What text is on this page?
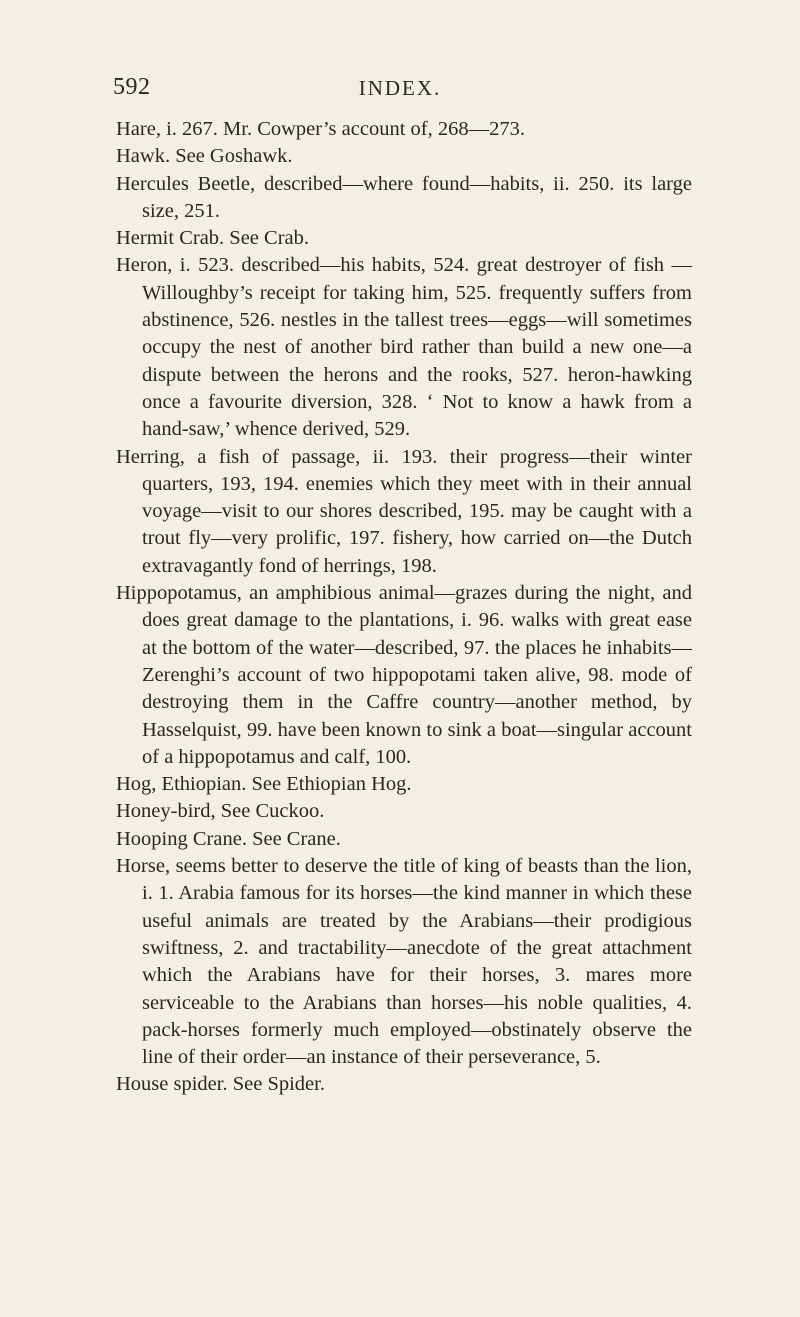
592	INDEX.

Hare, i. 267. Mr. Cowper’s account of, 268—273.

Hawk. See Goshawk.

Hercules Beetle, described—where found—habits, ii. 250. its large size, 251.

Hermit Crab. See Crab.

Heron, i. 523. described—his habits, 524. great destroyer of fish —Willoughby’s receipt for taking him, 525. frequently suffers from abstinence, 526. nestles in the tallest trees—eggs—will sometimes occupy the nest of another bird rather than build a new one—a dispute between the herons and the rooks, 527. heron-hawking once a favourite diversion, 328. ‘ Not to know a hawk from a hand-saw,’ whence derived, 529.

Herring, a fish of passage, ii. 193. their progress—their winter quarters, 193, 194. enemies which they meet with in their annual voyage—visit to our shores described, 195. may be caught with a trout fly—very prolific, 197. fishery, how carried on—the Dutch extravagantly fond of herrings, 198.

Hippopotamus, an amphibious animal—grazes during the night, and does great damage to the plantations, i. 96. walks with great ease at the bottom of the water—described, 97. the places he inhabits—Zerenghi’s account of two hippopotami taken alive, 98. mode of destroying them in the Caffre country—another method, by Hasselquist, 99. have been known to sink a boat—singular account of a hippopotamus and calf, 100.

Hog, Ethiopian. See Ethiopian Hog.

Honey-bird, See Cuckoo.

Hooping Crane. See Crane.

Horse, seems better to deserve the title of king of beasts than the lion, i. 1. Arabia famous for its horses—the kind manner in which these useful animals are treated by the Arabians—their prodigious swiftness, 2. and tractability—anecdote of the great attachment which the Arabians have for their horses, 3. mares more serviceable to the Arabians than horses—his noble qualities, 4. pack-horses formerly much employed—obstinately observe the line of their order—an instance of their perseverance, 5.

House spider. See Spider.
